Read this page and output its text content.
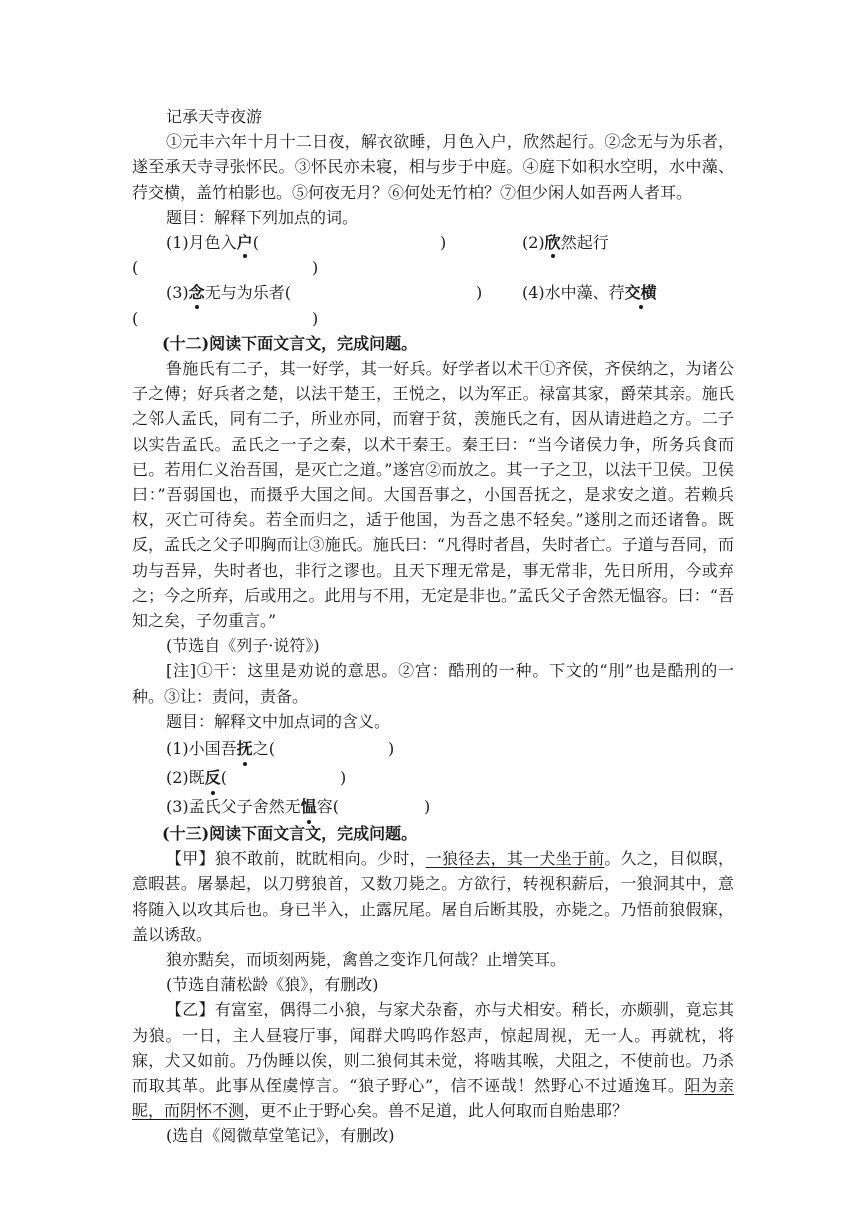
记承天寺夜游

①元丰六年十月十二日夜，解衣欲睡，月色入户，欣然起行。②念无与为乐者，遂至承天寺寻张怀民。③怀民亦未寝，相与步于中庭。④庭下如积水空明，水中藻、荇交横，盖竹柏影也。⑤何夜无月？⑥何处无竹柏？⑦但少闲人如吾两人者耳。

题目：解释下列加点的词。

(1)月色入户(	)	(2)欣然起行
(	)
(3)念无与为乐者(	) (4)水中藻、荇交横
(	)

(十二)阅读下面文言文，完成问题。

鲁施氏有二子，其一好学，其一好兵。好学者以术干①齐侯，齐侯纳之，为诸公子之傅；好兵者之楚，以法干楚王，王悦之，以为军正。禄富其家，爵荣其亲。施氏之邻人孟氏，同有二子，所业亦同，而窘于贫，羡施氏之有，因从请进趋之方。二子以实告孟氏。孟氏之一子之秦，以术干秦王。秦王曰：“当今诸侯力争，所务兵食而已。若用仁义治吾国，是灭亡之道。”遂宫②而放之。其一子之卫，以法干卫侯。卫侯曰：”吾弱国也，而摄乎大国之间。大国吾事之，小国吾抚之，是求安之道。若赖兵权，灭亡可待矣。若全而归之，适于他国，为吾之患不轻矣。”遂刖之而还诸鲁。既反，孟氏之父子叩胸而让③施氏。施氏曰：“凡得时者昌，失时者亡。子道与吾同，而功与吾异，失时者也，非行之谬也。且天下理无常是，事无常非，先日所用，今或弃之；今之所弃，后或用之。此用与不用，无定是非也。”孟氏父子舍然无愠容。曰：“吾知之矣，子勿重言。”

(节选自《列子·说符》)

[注]①干：这里是劝说的意思。②宫：酷刑的一种。下文的“刖”也是酷刑的一种。③让：责问，责备。

题目：解释文中加点词的含义。

(1)小国吾抚之(	)
(2)既反(	)
(3)孟氏父子舍然无愠容(	)

(十三)阅读下面文言文，完成问题。

【甲】狼不敢前，眈眈相向。少时，一狼径去，其一犬坐于前。久之，目似瞑，意暇甚。屠暴起，以刀劈狼首，又数刀毙之。方欲行，转视积薪后，一狼洞其中，意将随入以攻其后也。身已半入，止露尻尾。屠自后断其股，亦毙之。乃悟前狼假寐，盖以诱敌。

狼亦黠矣，而顷刻两毙，禽兽之变诈几何哉？止增笑耳。

(节选自蒲松龄《狼》，有删改)

【乙】有富室，偶得二小狼，与家犬杂畜，亦与犬相安。稍长，亦颇驯，竟忘其为狼。一日，主人昼寝厅事，闻群犬呜呜作怒声，惊起周视，无一人。再就枕，将寐，犬又如前。乃伪睡以俟，则二狼伺其未觉，将啮其喉，犬阻之，不使前也。乃杀而取其革。此事从侄虞惇言。“狼子野心”，信不诬哉！然野心不过遁逸耳。阳为亲昵，而阴怀不测，更不止于野心矣。兽不足道，此人何取而自贻患耶？

(选自《阅微草堂笔记》，有删改)
